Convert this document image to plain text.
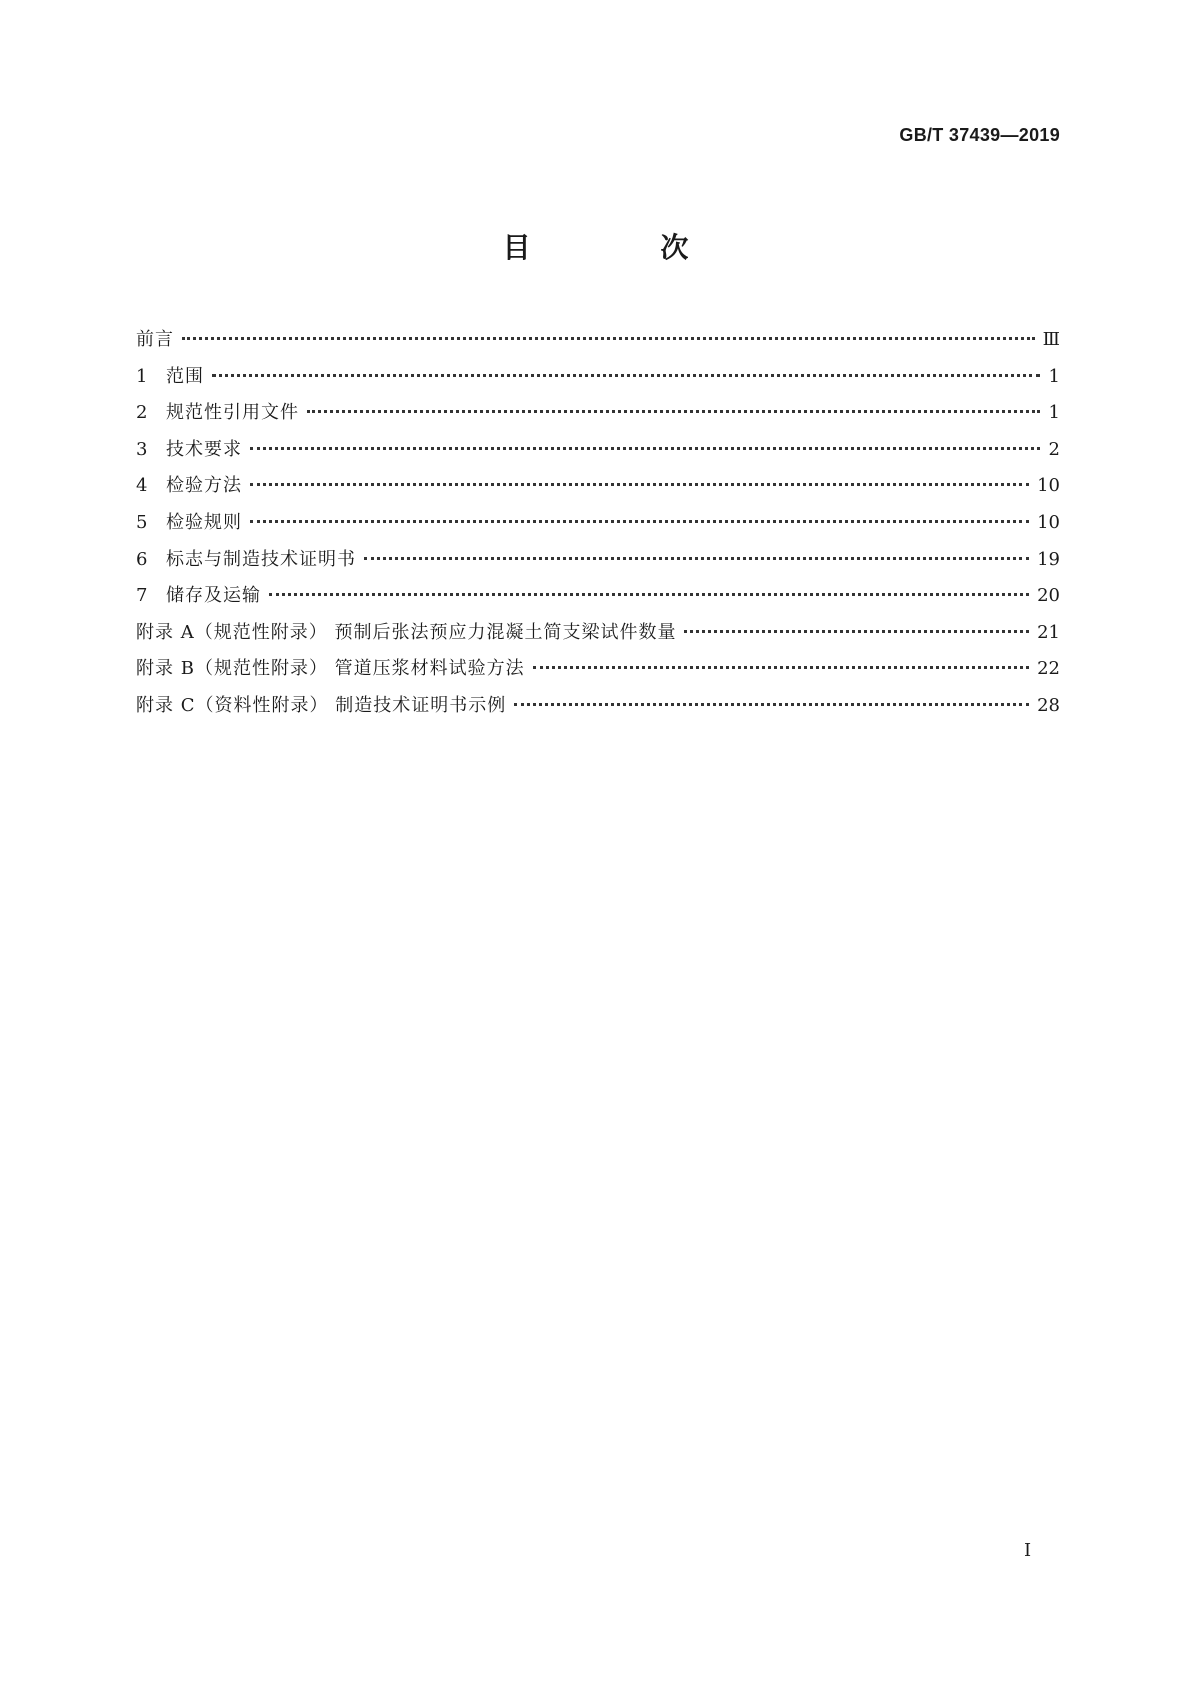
GB/T 37439—2019
目 次
前言	Ⅲ
1	范围	1
2	规范性引用文件	1
3	技术要求	2
4	检验方法	10
5	检验规则	10
6	标志与制造技术证明书	19
7	储存及运输	20
附录 A（规范性附录） 预制后张法预应力混凝土简支梁试件数量	21
附录 B（规范性附录） 管道压浆材料试验方法	22
附录 C（资料性附录） 制造技术证明书示例	28
I
